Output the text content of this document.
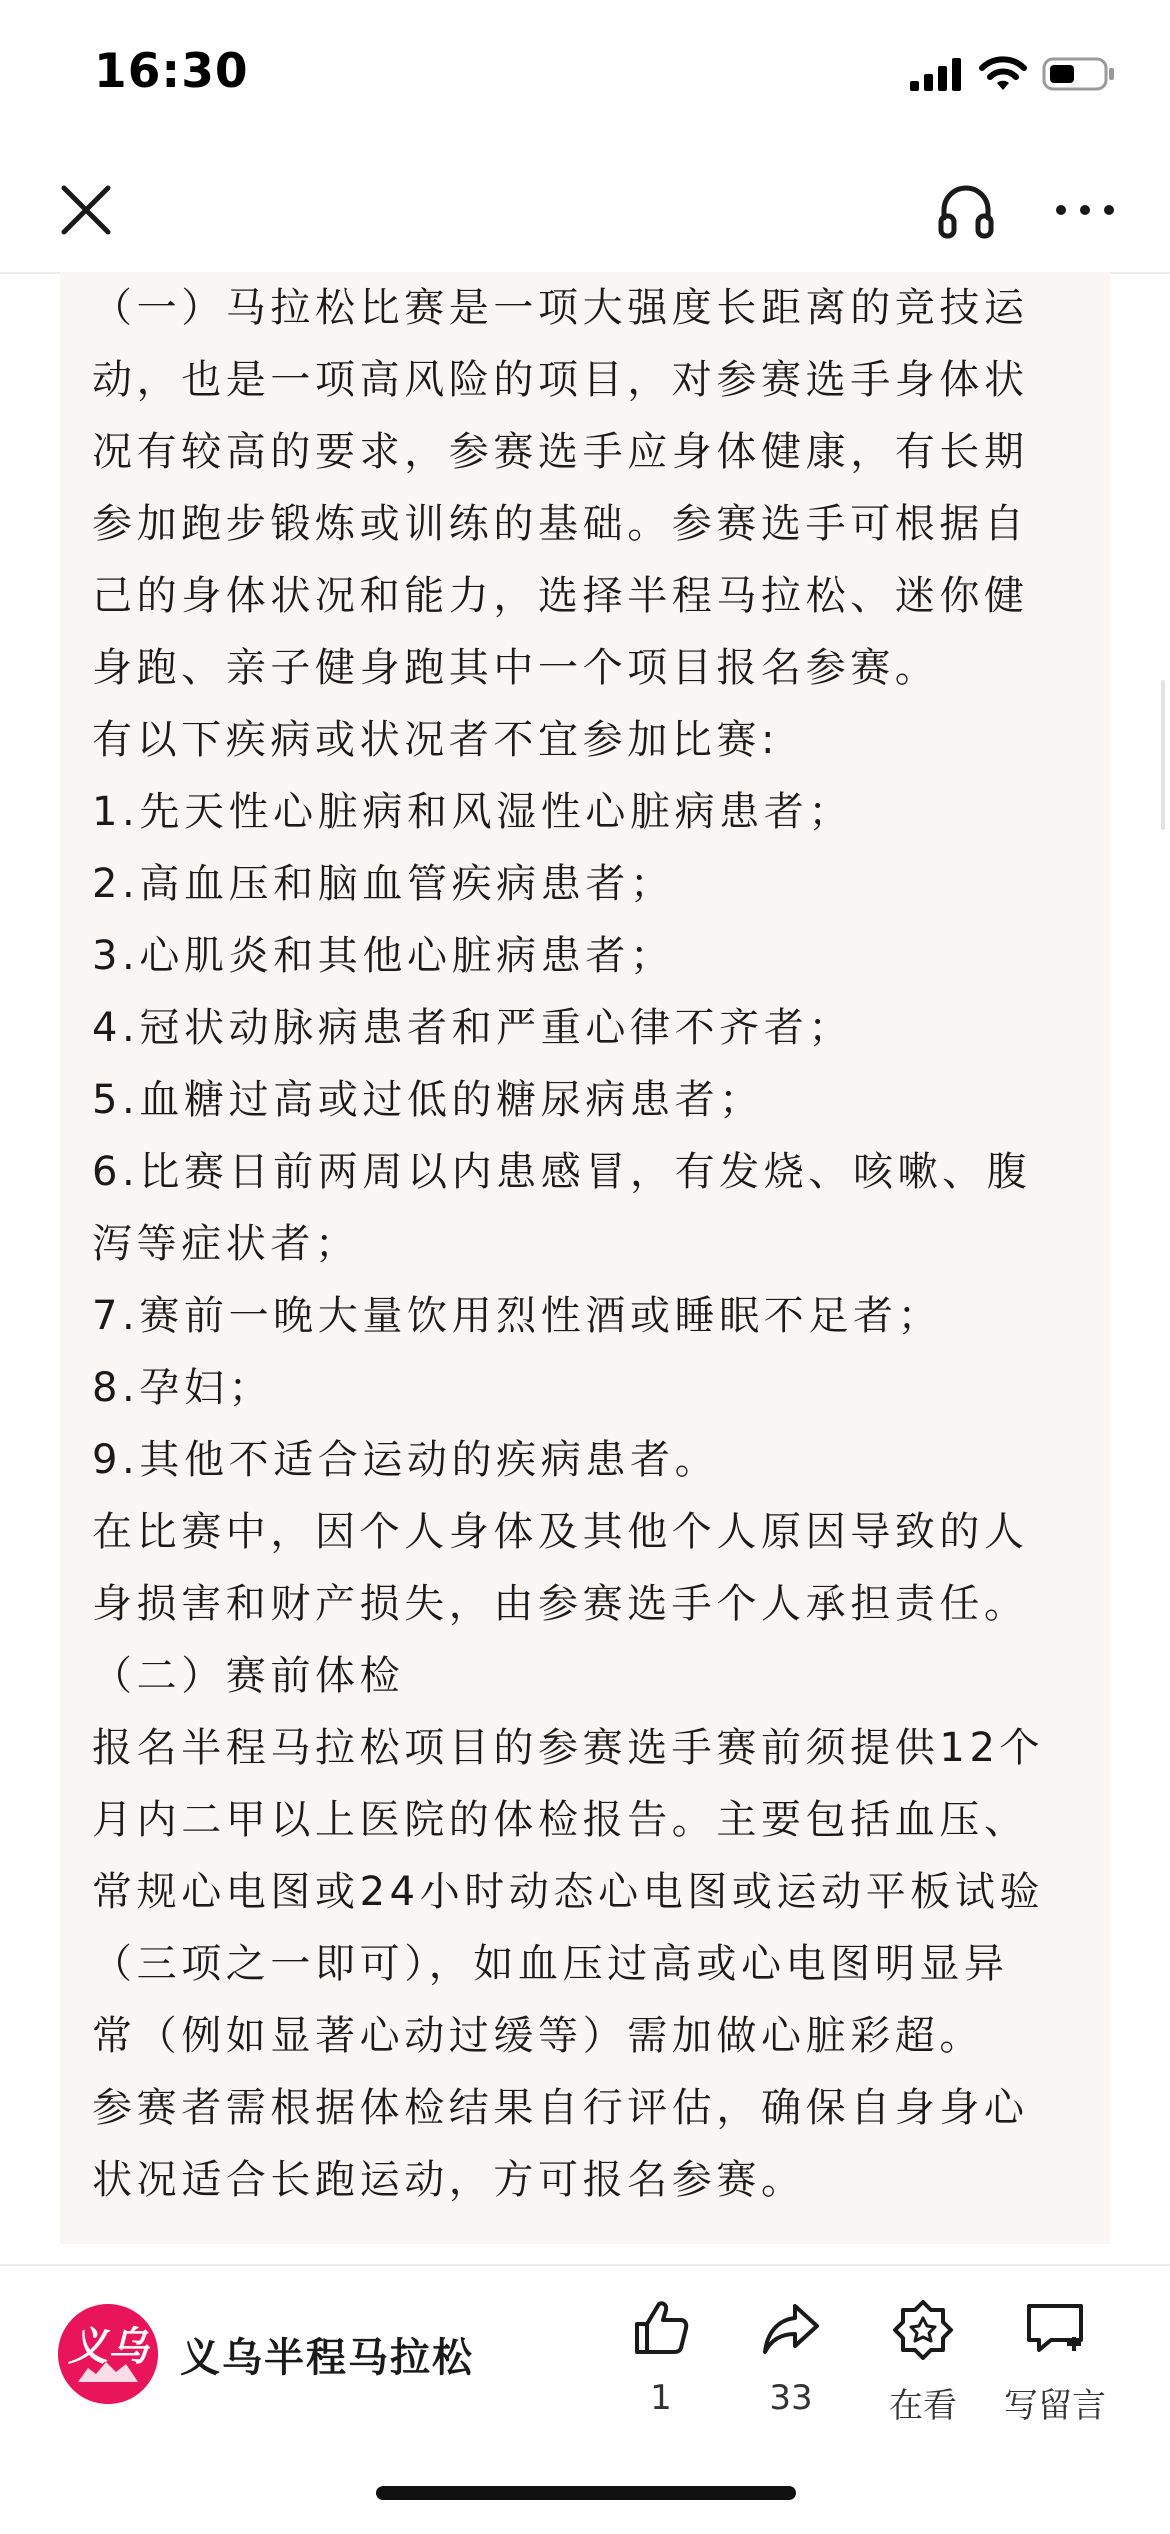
16:30
（一）马拉松比赛是一项大强度长距离的竞技运
动，也是一项高风险的项目，对参赛选手身体状
况有较高的要求，参赛选手应身体健康，有长期
参加跑步锻炼或训练的基础。参赛选手可根据自
己的身体状况和能力，选择半程马拉松、迷你健
身跑、亲子健身跑其中一个项目报名参赛。
有以下疾病或状况者不宜参加比赛:
1.先天性心脏病和风湿性心脏病患者；
2.高血压和脑血管疾病患者；
3.心肌炎和其他心脏病患者；
4.冠状动脉病患者和严重心律不齐者；
5.血糖过高或过低的糖尿病患者；
6.比赛日前两周以内患感冒，有发烧、咳嗽、腹
泻等症状者；
7.赛前一晚大量饮用烈性酒或睡眠不足者；
8.孕妇；
9.其他不适合运动的疾病患者。
在比赛中，因个人身体及其他个人原因导致的人
身损害和财产损失，由参赛选手个人承担责任。
（二）赛前体检
报名半程马拉松项目的参赛选手赛前须提供12个
月内二甲以上医院的体检报告。主要包括血压、
常规心电图或24小时动态心电图或运动平板试验
（三项之一即可），如血压过高或心电图明显异
常（例如显著心动过缓等）需加做心脏彩超。
参赛者需根据体检结果自行评估，确保自身身心
状况适合长跑运动，方可报名参赛。
义乌 义乌半程马拉松
1	33	在看	写留言
